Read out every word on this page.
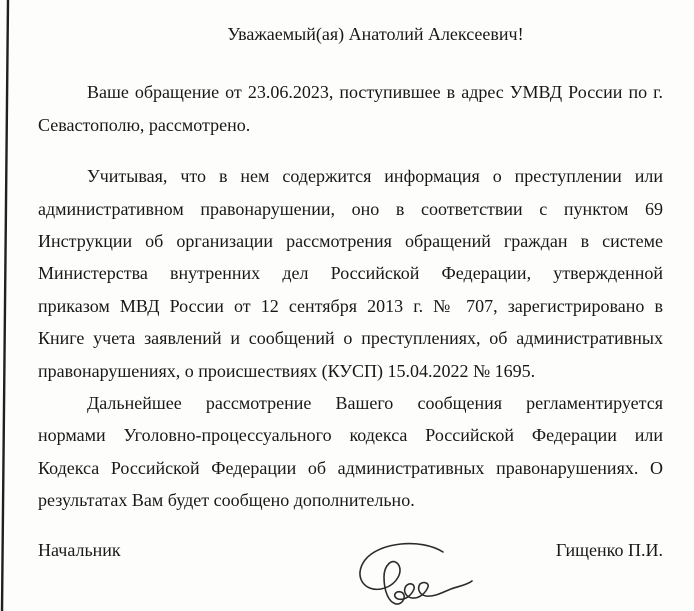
Уважаемый(ая) Анатолий Алексеевич!
Ваше обращение от 23.06.2023, поступившее в адрес УМВД России по г.
Севастополю, рассмотрено.
Учитывая, что в нем содержится информация о преступлении или
административном правонарушении, оно в соответствии с пунктом 69
Инструкции об организации рассмотрения обращений граждан в системе
Министерства внутренних дел Российской Федерации, утвержденной
приказом МВД России от 12 сентября 2013 г. № 707, зарегистрировано в
Книге учета заявлений и сообщений о преступлениях, об административных
правонарушениях, о происшествиях (КУСП) 15.04.2022 № 1695.
Дальнейшее рассмотрение Вашего сообщения регламентируется
нормами Уголовно-процессуального кодекса Российской Федерации или
Кодекса Российской Федерации об административных правонарушениях. О
результатах Вам будет сообщено дополнительно.
Начальник	Гищенко П.И.
